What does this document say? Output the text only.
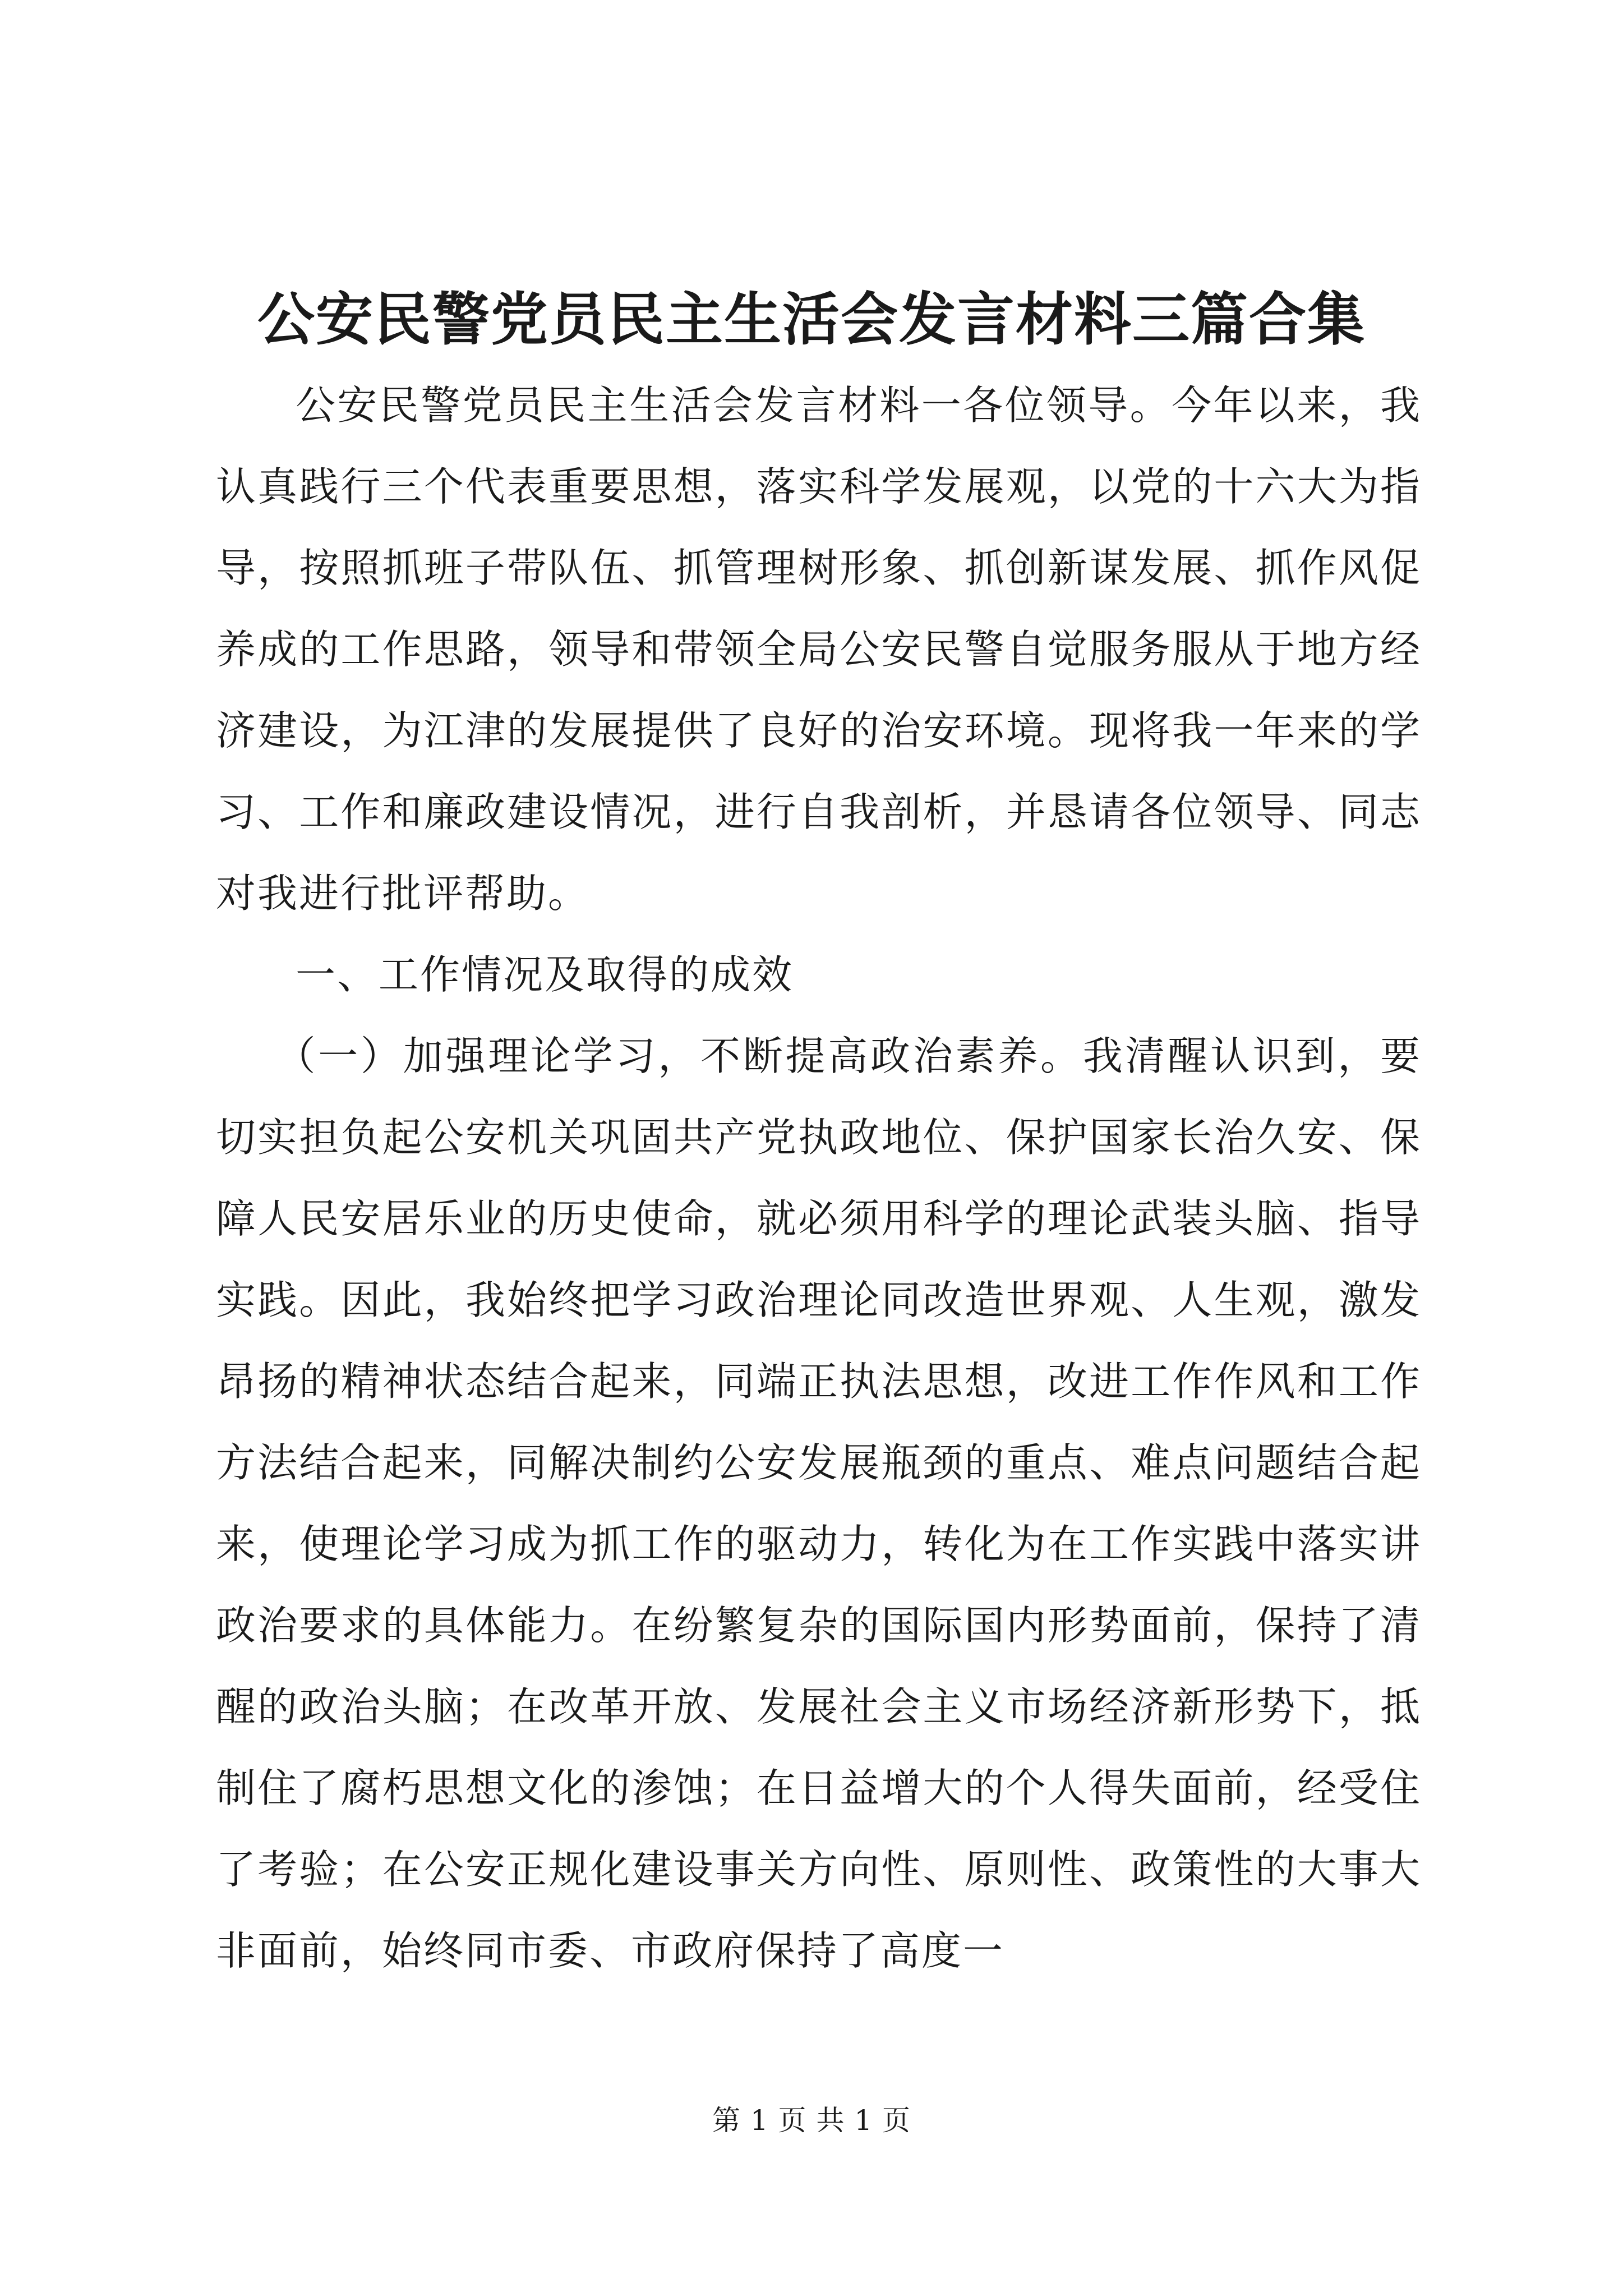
公安民警党员民主生活会发言材料三篇合集

公安民警党员民主生活会发言材料一各位领导。今年以来，我认真践行三个代表重要思想，落实科学发展观，以党的十六大为指导，按照抓班子带队伍、抓管理树形象、抓创新谋发展、抓作风促养成的工作思路，领导和带领全局公安民警自觉服务服从于地方经济建设，为江津的发展提供了良好的治安环境。现将我一年来的学习、工作和廉政建设情况，进行自我剖析，并恳请各位领导、同志对我进行批评帮助。

一、工作情况及取得的成效

（一）加强理论学习，不断提高政治素养。我清醒认识到，要切实担负起公安机关巩固共产党执政地位、保护国家长治久安、保障人民安居乐业的历史使命，就必须用科学的理论武装头脑、指导实践。因此，我始终把学习政治理论同改造世界观、人生观，激发昂扬的精神状态结合起来，同端正执法思想，改进工作作风和工作方法结合起来，同解决制约公安发展瓶颈的重点、难点问题结合起来，使理论学习成为抓工作的驱动力，转化为在工作实践中落实讲政治要求的具体能力。在纷繁复杂的国际国内形势面前，保持了清醒的政治头脑；在改革开放、发展社会主义市场经济新形势下，抵制住了腐朽思想文化的渗蚀；在日益增大的个人得失面前，经受住了考验；在公安正规化建设事关方向性、原则性、政策性的大事大非面前，始终同市委、市政府保持了高度一

第 1 页 共 1 页
